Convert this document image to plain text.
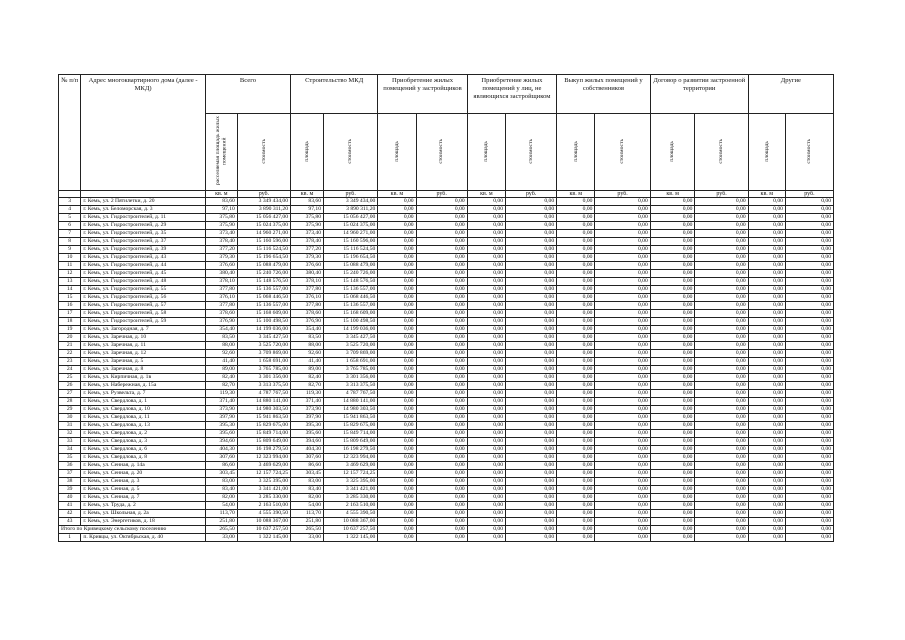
№ п/п	Адрес многоквартирного дома (далее - МКД)	Всего		Строительство МКД		Приобретение жилых помещений у застройщиков		Приобретение жилых помещений у лиц, не являющихся застройщиком		Выкуп жилых помещений у собственников		Договор о развитии застроенной территории		Другие	
		расселяемая площадь жилых помещений	стоимость	площадь	стоимость	площадь	стоимость	площадь	стоимость	площадь	стоимость	площадь	стоимость	площадь	стоимость
		кв. м	руб.	кв. м	руб.	кв. м	руб.	кв. м	руб.	кв. м	руб.	кв. м	руб.	кв. м	руб.
3	г. Кемь, ул. 2 Пятилетки, д. 20	83,60	3 349 434,00	83,60	3 349 434,00	0,00	0,00	0,00	0,00	0,00	0,00	0,00	0,00	0,00	0,00
4	г. Кемь, ул. Беломорская, д. 3	97,10	3 890 311,20	97,10	3 890 311,20	0,00	0,00	0,00	0,00	0,00	0,00	0,00	0,00	0,00	0,00
5	г. Кемь, ул. Гидростроителей, д. 11	375,80	15 056 427,00	375,80	15 056 427,00	0,00	0,00	0,00	0,00	0,00	0,00	0,00	0,00	0,00	0,00
6	г. Кемь, ул. Гидростроителей, д. 29	375,90	15 024 375,00	375,90	15 024 375,00	0,00	0,00	0,00	0,00	0,00	0,00	0,00	0,00	0,00	0,00
7	г. Кемь, ул. Гидростроителей, д. 35	373,40	14 960 271,00	373,40	14 960 271,00	0,00	0,00	0,00	0,00	0,00	0,00	0,00	0,00	0,00	0,00
8	г. Кемь, ул. Гидростроителей, д. 37	378,40	15 160 596,00	378,40	15 160 596,00	0,00	0,00	0,00	0,00	0,00	0,00	0,00	0,00	0,00	0,00
9	г. Кемь, ул. Гидростроителей, д. 39	377,20	15 116 524,50	377,20	15 116 524,50	0,00	0,00	0,00	0,00	0,00	0,00	0,00	0,00	0,00	0,00
10	г. Кемь, ул. Гидростроителей, д. 43	379,30	15 196 654,50	379,30	15 196 654,50	0,00	0,00	0,00	0,00	0,00	0,00	0,00	0,00	0,00	0,00
11	г. Кемь, ул. Гидростроителей, д. 44	376,60	15 088 479,00	376,60	15 088 479,00	0,00	0,00	0,00	0,00	0,00	0,00	0,00	0,00	0,00	0,00
12	г. Кемь, ул. Гидростроителей, д. 45	380,40	15 240 726,00	380,40	15 240 726,00	0,00	0,00	0,00	0,00	0,00	0,00	0,00	0,00	0,00	0,00
13	г. Кемь, ул. Гидростроителей, д. 48	378,10	15 148 576,50	378,10	15 148 576,50	0,00	0,00	0,00	0,00	0,00	0,00	0,00	0,00	0,00	0,00
14	г. Кемь, ул. Гидростроителей, д. 55	377,80	15 136 557,00	377,80	15 136 557,00	0,00	0,00	0,00	0,00	0,00	0,00	0,00	0,00	0,00	0,00
15	г. Кемь, ул. Гидростроителей, д. 56	376,10	15 068 446,50	376,10	15 068 446,50	0,00	0,00	0,00	0,00	0,00	0,00	0,00	0,00	0,00	0,00
16	г. Кемь, ул. Гидростроителей, д. 57	377,80	15 136 557,00	377,80	15 136 557,00	0,00	0,00	0,00	0,00	0,00	0,00	0,00	0,00	0,00	0,00
17	г. Кемь, ул. Гидростроителей, д. 58	378,60	15 168 609,00	378,60	15 168 609,00	0,00	0,00	0,00	0,00	0,00	0,00	0,00	0,00	0,00	0,00
18	г. Кемь, ул. Гидростроителей, д. 59	376,90	15 100 498,50	376,90	15 100 498,50	0,00	0,00	0,00	0,00	0,00	0,00	0,00	0,00	0,00	0,00
19	г. Кемь, ул. Загородная, д. 7	354,40	14 199 036,00	354,40	14 199 036,00	0,00	0,00	0,00	0,00	0,00	0,00	0,00	0,00	0,00	0,00
20	г. Кемь, ул. Заречная, д. 10	83,50	3 345 427,50	83,50	3 345 427,50	0,00	0,00	0,00	0,00	0,00	0,00	0,00	0,00	0,00	0,00
21	г. Кемь, ул. Заречная, д. 11	88,00	3 525 720,00	88,00	3 525 720,00	0,00	0,00	0,00	0,00	0,00	0,00	0,00	0,00	0,00	0,00
22	г. Кемь, ул. Заречная, д. 12	92,60	3 709 869,00	92,60	3 709 869,00	0,00	0,00	0,00	0,00	0,00	0,00	0,00	0,00	0,00	0,00
23	г. Кемь, ул. Заречная, д. 5	41,40	1 658 691,00	41,40	1 658 691,00	0,00	0,00	0,00	0,00	0,00	0,00	0,00	0,00	0,00	0,00
24	г. Кемь, ул. Заречная, д. 8	89,00	3 765 785,00	89,00	3 765 785,00	0,00	0,00	0,00	0,00	0,00	0,00	0,00	0,00	0,00	0,00
25	г. Кемь, ул. Кирпичная, д. 1в	82,40	3 301 356,00	82,40	3 301 356,00	0,00	0,00	0,00	0,00	0,00	0,00	0,00	0,00	0,00	0,00
26	г. Кемь, ул. Набережная, д. 15а	82,70	3 313 375,50	82,70	3 313 375,50	0,00	0,00	0,00	0,00	0,00	0,00	0,00	0,00	0,00	0,00
27	г. Кемь, ул. Рузвельта, д. 7	119,30	4 787 767,50	119,30	4 787 767,50	0,00	0,00	0,00	0,00	0,00	0,00	0,00	0,00	0,00	0,00
28	г. Кемь, ул. Свердлова, д. 1	371,40	14 880 141,00	371,40	14 880 141,00	0,00	0,00	0,00	0,00	0,00	0,00	0,00	0,00	0,00	0,00
29	г. Кемь, ул. Свердлова, д. 10	373,90	14 980 303,50	373,90	14 980 303,50	0,00	0,00	0,00	0,00	0,00	0,00	0,00	0,00	0,00	0,00
30	г. Кемь, ул. Свердлова, д. 11	397,90	15 941 863,50	397,90	15 941 863,50	0,00	0,00	0,00	0,00	0,00	0,00	0,00	0,00	0,00	0,00
31	г. Кемь, ул. Свердлова, д. 13	395,30	15 829 675,00	395,30	15 829 675,00	0,00	0,00	0,00	0,00	0,00	0,00	0,00	0,00	0,00	0,00
32	г. Кемь, ул. Свердлова, д. 2	395,60	15 849 714,00	395,60	15 849 714,00	0,00	0,00	0,00	0,00	0,00	0,00	0,00	0,00	0,00	0,00
33	г. Кемь, ул. Свердлова, д. 3	394,60	15 809 649,00	394,60	15 809 649,00	0,00	0,00	0,00	0,00	0,00	0,00	0,00	0,00	0,00	0,00
34	г. Кемь, ул. Свердлова, д. 6	404,30	16 198 279,50	404,30	16 198 279,50	0,00	0,00	0,00	0,00	0,00	0,00	0,00	0,00	0,00	0,00
35	г. Кемь, ул. Свердлова, д. 8	307,60	12 323 994,00	307,60	12 323 994,00	0,00	0,00	0,00	0,00	0,00	0,00	0,00	0,00	0,00	0,00
36	г. Кемь, ул. Сенная, д. 14а	86,60	3 469 629,00	86,60	3 469 629,00	0,00	0,00	0,00	0,00	0,00	0,00	0,00	0,00	0,00	0,00
37	г. Кемь, ул. Сенная, д. 20	303,45	12 157 724,25	303,45	12 157 724,25	0,00	0,00	0,00	0,00	0,00	0,00	0,00	0,00	0,00	0,00
38	г. Кемь, ул. Сенная, д. 3	83,00	3 325 395,00	83,00	3 325 395,00	0,00	0,00	0,00	0,00	0,00	0,00	0,00	0,00	0,00	0,00
39	г. Кемь, ул. Сенная, д. 5	83,40	3 341 421,00	83,40	3 341 421,00	0,00	0,00	0,00	0,00	0,00	0,00	0,00	0,00	0,00	0,00
40	г. Кемь, ул. Сенная, д. 7	82,00	3 285 330,00	82,00	3 285 330,00	0,00	0,00	0,00	0,00	0,00	0,00	0,00	0,00	0,00	0,00
41	г. Кемь, ул. Труда, д. 2	54,00	2 163 510,00	54,00	2 163 510,00	0,00	0,00	0,00	0,00	0,00	0,00	0,00	0,00	0,00	0,00
42	г. Кемь, ул. Школьная, д. 2а	113,70	4 555 390,50	113,70	4 555 390,50	0,00	0,00	0,00	0,00	0,00	0,00	0,00	0,00	0,00	0,00
43	г. Кемь, ул. Энергетиков, д. 18	251,80	10 088 367,00	251,80	10 088 367,00	0,00	0,00	0,00	0,00	0,00	0,00	0,00	0,00	0,00	0,00
Итого по Кривецкому сельскому поселению		265,50	10 637 257,50	265,50	10 637 257,50	0,00	0,00	0,00	0,00	0,00	0,00	0,00	0,00	0,00	0,00
1	п. Кривцы, ул. Октябрьская, д. 40	33,00	1 322 145,00	33,00	1 322 145,00	0,00	0,00	0,00	0,00	0,00	0,00	0,00	0,00	0,00	0,00
